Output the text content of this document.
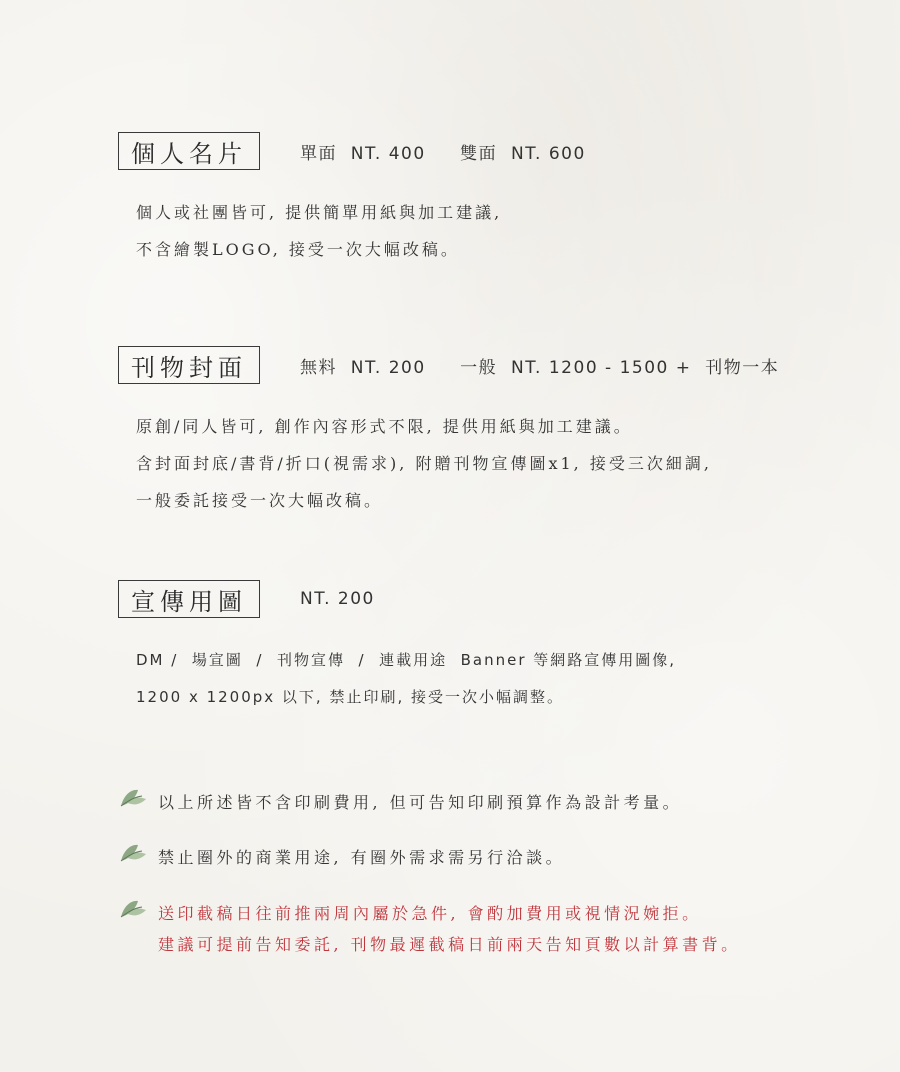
個人名片	單面  NT. 400     雙面  NT. 600
個人或社團皆可, 提供簡單用紙與加工建議,
不含繪製LOGO, 接受一次大幅改稿。
刊物封面	無料  NT. 200     一般  NT. 1200 - 1500 +  刊物一本
原創/同人皆可, 創作內容形式不限, 提供用紙與加工建議。
含封面封底/書背/折口(視需求), 附贈刊物宣傳圖x1, 接受三次細調,
一般委託接受一次大幅改稿。
宣傳用圖	NT. 200
DM /  場宣圖  /  刊物宣傳  /  連載用途  Banner 等網路宣傳用圖像,
1200 x 1200px 以下, 禁止印刷, 接受一次小幅調整。
以上所述皆不含印刷費用, 但可告知印刷預算作為設計考量。
禁止圈外的商業用途, 有圈外需求需另行洽談。
送印截稿日往前推兩周內屬於急件, 會酌加費用或視情況婉拒。
建議可提前告知委託, 刊物最遲截稿日前兩天告知頁數以計算書背。
